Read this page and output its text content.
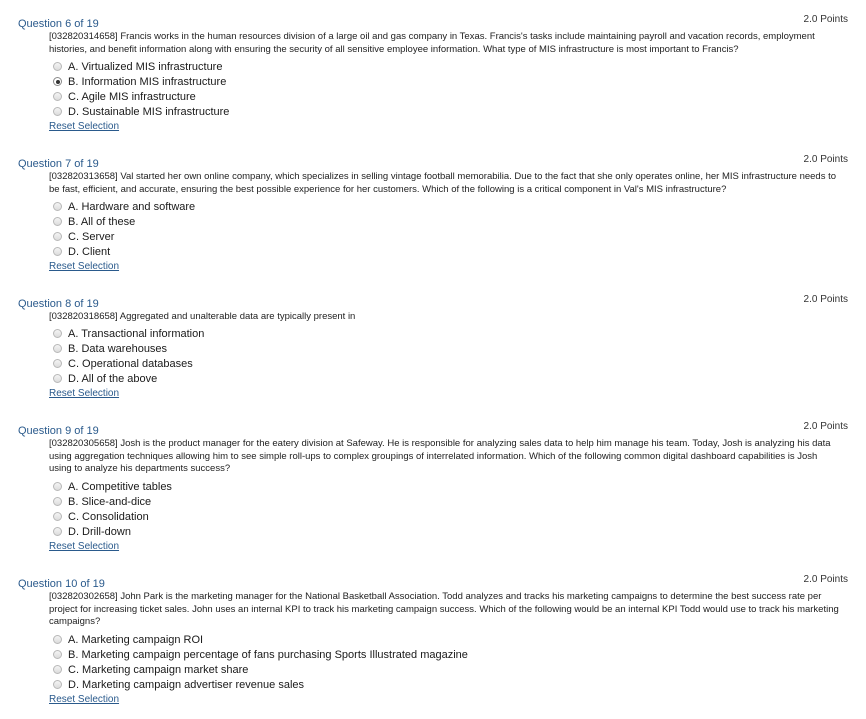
Question 6 of 19	2.0 Points
[032820314658] Francis works in the human resources division of a large oil and gas company in Texas. Francis's tasks include maintaining payroll and vacation records, employment histories, and benefit information along with ensuring the security of all sensitive employee information. What type of MIS infrastructure is most important to Francis?
A. Virtualized MIS infrastructure
B. Information MIS infrastructure
C. Agile MIS infrastructure
D. Sustainable MIS infrastructure
Reset Selection
Question 7 of 19	2.0 Points
[032820313658] Val started her own online company, which specializes in selling vintage football memorabilia. Due to the fact that she only operates online, her MIS infrastructure needs to be fast, efficient, and accurate, ensuring the best possible experience for her customers. Which of the following is a critical component in Val's MIS infrastructure?
A. Hardware and software
B. All of these
C. Server
D. Client
Reset Selection
Question 8 of 19	2.0 Points
[032820318658] Aggregated and unalterable data are typically present in
A. Transactional information
B. Data warehouses
C. Operational databases
D. All of the above
Reset Selection
Question 9 of 19	2.0 Points
[032820305658] Josh is the product manager for the eatery division at Safeway. He is responsible for analyzing sales data to help him manage his team. Today, Josh is analyzing his data using aggregation techniques allowing him to see simple roll-ups to complex groupings of interrelated information. Which of the following common digital dashboard capabilities is Josh using to analyze his departments success?
A. Competitive tables
B. Slice-and-dice
C. Consolidation
D. Drill-down
Reset Selection
Question 10 of 19	2.0 Points
[032820302658] John Park is the marketing manager for the National Basketball Association. Todd analyzes and tracks his marketing campaigns to determine the best success rate per project for increasing ticket sales. John uses an internal KPI to track his marketing campaign success. Which of the following would be an internal KPI Todd would use to track his marketing campaigns?
A. Marketing campaign ROI
B. Marketing campaign percentage of fans purchasing Sports Illustrated magazine
C. Marketing campaign market share
D. Marketing campaign advertiser revenue sales
Reset Selection
